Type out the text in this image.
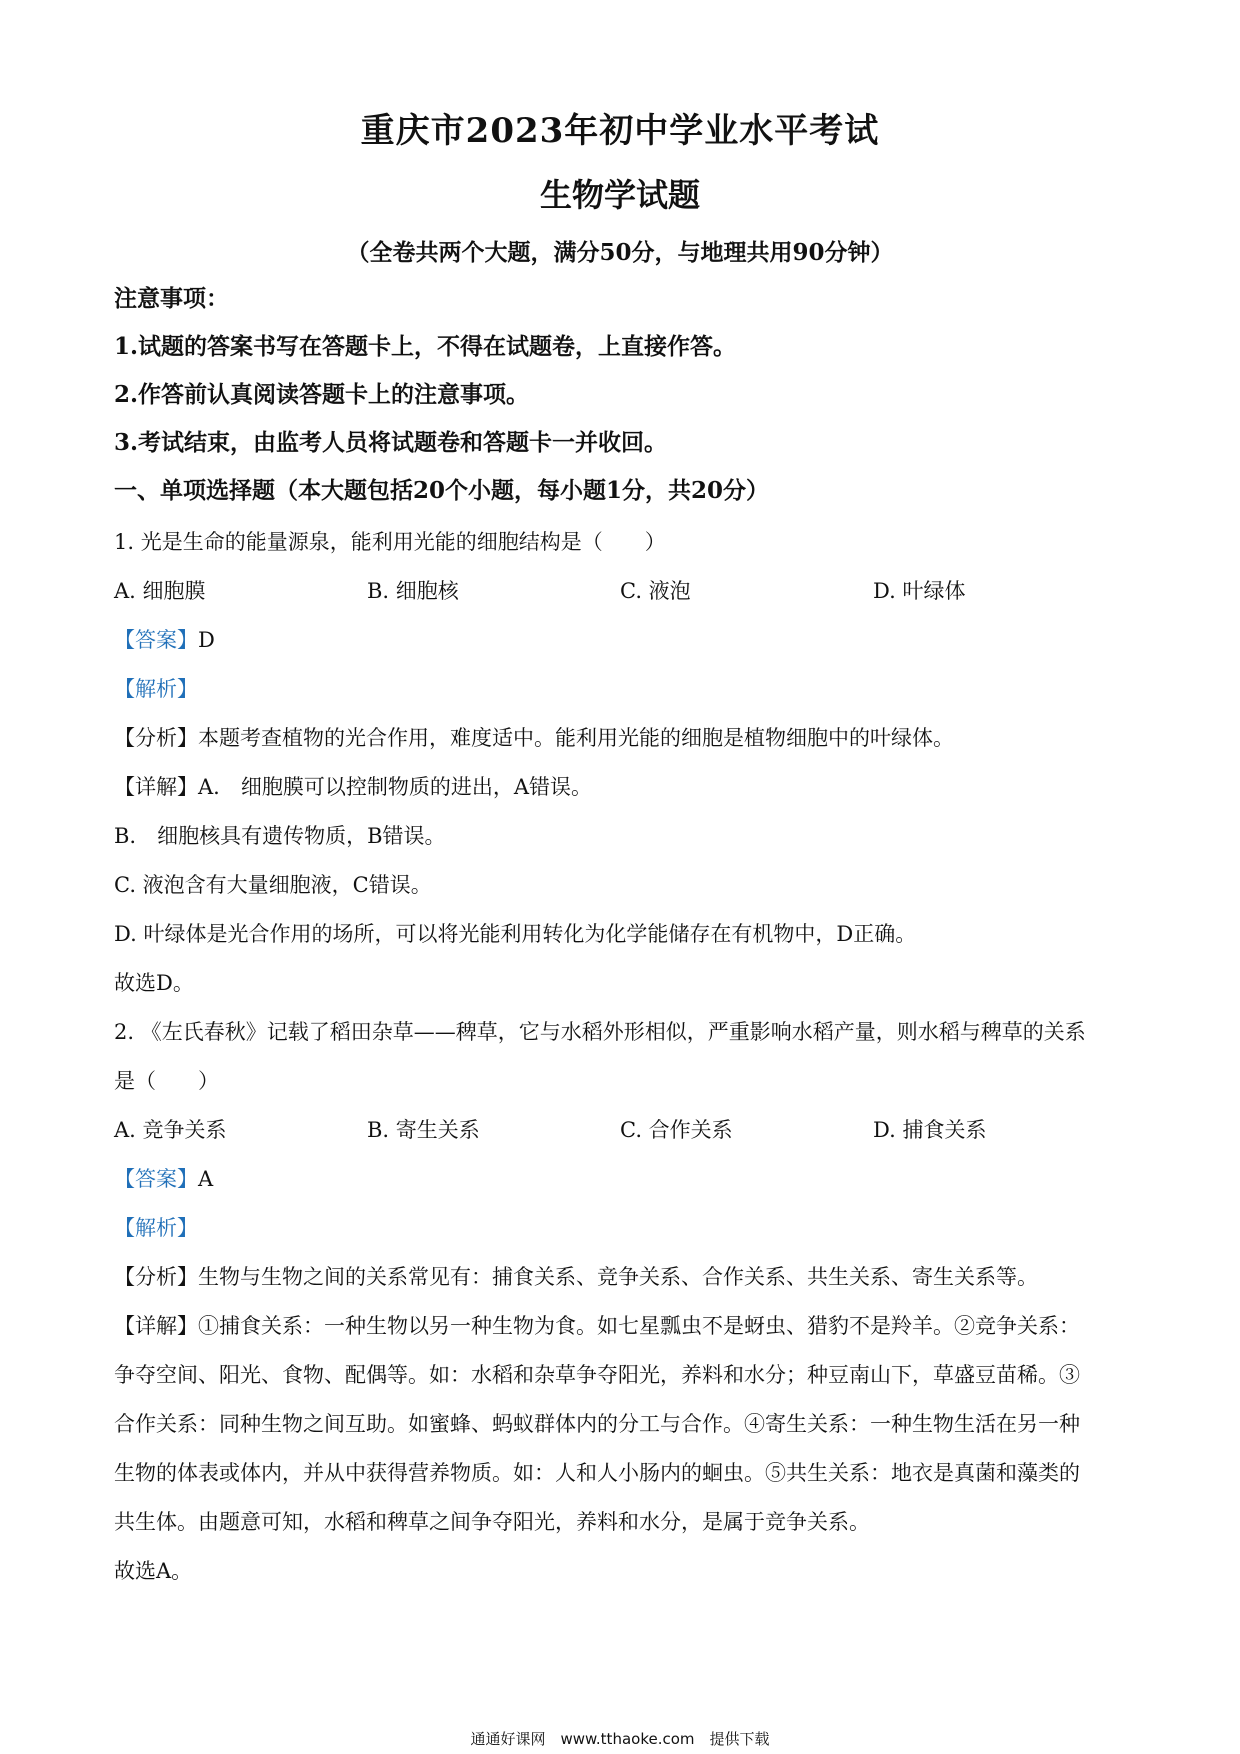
重庆市2023年初中学业水平考试
生物学试题
（全卷共两个大题，满分50分，与地理共用90分钟）
注意事项：
1.试题的答案书写在答题卡上，不得在试题卷，上直接作答。
2.作答前认真阅读答题卡上的注意事项。
3.考试结束，由监考人员将试题卷和答题卡一并收回。
一、单项选择题（本大题包括20个小题，每小题1分，共20分）
1. 光是生命的能量源泉，能利用光能的细胞结构是（　　）
A. 细胞膜	B. 细胞核	C. 液泡	D. 叶绿体
【答案】D
【解析】
【分析】本题考查植物的光合作用，难度适中。能利用光能的细胞是植物细胞中的叶绿体。
【详解】A.　细胞膜可以控制物质的进出，A错误。
B.　细胞核具有遗传物质，B错误。
C. 液泡含有大量细胞液，C错误。
D. 叶绿体是光合作用的场所，可以将光能利用转化为化学能储存在有机物中，D正确。
故选D。
2. 《左氏春秋》记载了稻田杂草——稗草，它与水稻外形相似，严重影响水稻产量，则水稻与稗草的关系
是（　　）
A. 竞争关系	B. 寄生关系	C. 合作关系	D. 捕食关系
【答案】A
【解析】
【分析】生物与生物之间的关系常见有：捕食关系、竞争关系、合作关系、共生关系、寄生关系等。
【详解】①捕食关系：一种生物以另一种生物为食。如七星瓢虫不是蚜虫、猎豹不是羚羊。②竞争关系：
争夺空间、阳光、食物、配偶等。如：水稻和杂草争夺阳光，养料和水分；种豆南山下，草盛豆苗稀。③
合作关系：同种生物之间互助。如蜜蜂、蚂蚁群体内的分工与合作。④寄生关系：一种生物生活在另一种
生物的体表或体内，并从中获得营养物质。如：人和人小肠内的蛔虫。⑤共生关系：地衣是真菌和藻类的
共生体。由题意可知，水稻和稗草之间争夺阳光，养料和水分，是属于竞争关系。
故选A。
通通好课网　www.tthaoke.com　提供下载
